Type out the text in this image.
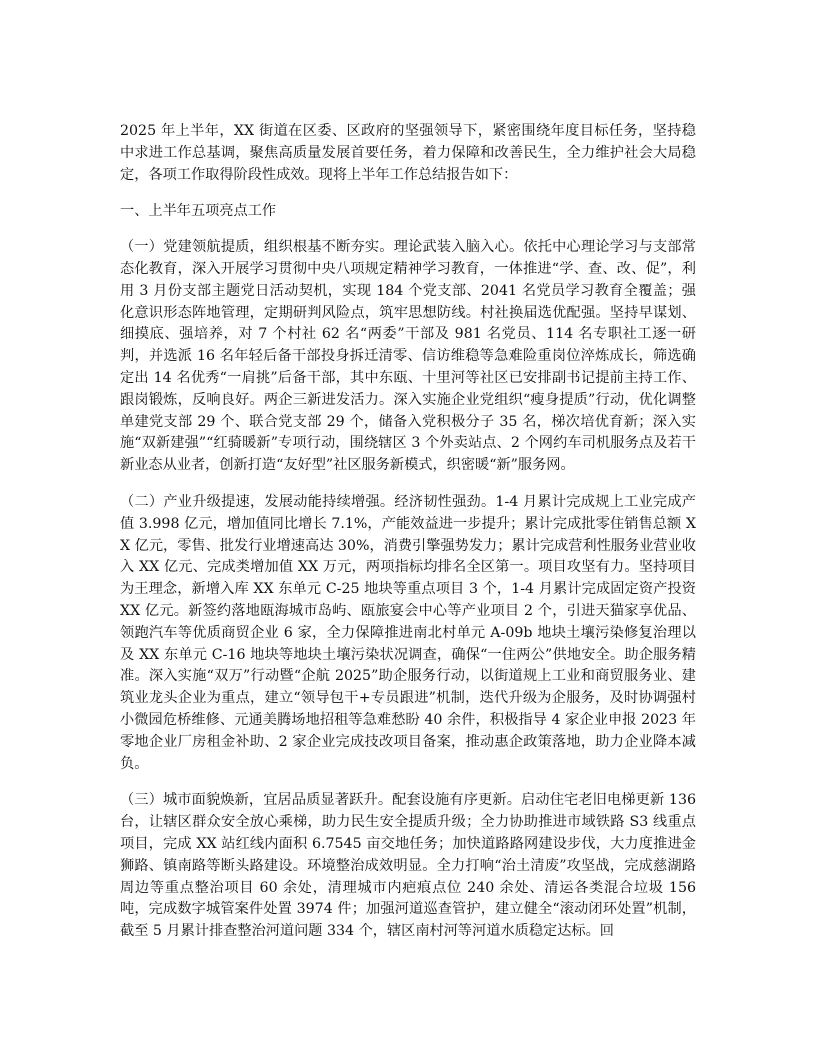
2025 年上半年，XX 街道在区委、区政府的坚强领导下，紧密围绕年度目标任务，坚持稳中求进工作总基调，聚焦高质量发展首要任务，着力保障和改善民生，全力维护社会大局稳定，各项工作取得阶段性成效。现将上半年工作总结报告如下：

一、上半年五项亮点工作

（一）党建领航提质，组织根基不断夯实。理论武装入脑入心。依托中心理论学习与支部常态化教育，深入开展学习贯彻中央八项规定精神学习教育，一体推进“学、查、改、促”，利用 3 月份支部主题党日活动契机，实现 184 个党支部、2041 名党员学习教育全覆盖；强化意识形态阵地管理，定期研判风险点，筑牢思想防线。村社换届选优配强。坚持早谋划、细摸底、强培养，对 7 个村社 62 名“两委”干部及 981 名党员、114 名专职社工逐一研判，并选派 16 名年轻后备干部投身拆迁清零、信访维稳等急难险重岗位淬炼成长，筛选确定出 14 名优秀“一肩挑”后备干部，其中东瓯、十里河等社区已安排副书记提前主持工作、跟岗锻炼，反响良好。两企三新进发活力。深入实施企业党组织“瘦身提质”行动，优化调整单建党支部 29 个、联合党支部 29 个，储备入党积极分子 35 名，梯次培优育新；深入实施“双新建强”“红骑暖新”专项行动，围绕辖区 3 个外卖站点、2 个网约车司机服务点及若干新业态从业者，创新打造“友好型”社区服务新模式，织密暖“新”服务网。

（二）产业升级提速，发展动能持续增强。经济韧性强劲。1-4 月累计完成规上工业完成产值 3.998 亿元，增加值同比增长 7.1%，产能效益进一步提升；累计完成批零住销售总额 XX 亿元，零售、批发行业增速高达 30%，消费引擎强势发力；累计完成营利性服务业营业收入 XX 亿元、完成类增加值 XX 万元，两项指标均排名全区第一。项目攻坚有力。坚持项目为王理念，新增入库 XX 东单元 C-25 地块等重点项目 3 个，1-4 月累计完成固定资产投资 XX 亿元。新签约落地瓯海城市岛屿、瓯旅宴会中心等产业项目 2 个，引进天猫家享优品、领跑汽车等优质商贸企业 6 家，全力保障推进南北村单元 A-09b 地块土壤污染修复治理以及 XX 东单元 C-16 地块等地块土壤污染状况调查，确保“一住两公”供地安全。助企服务精准。深入实施“双万”行动暨“企航 2025”助企服务行动，以街道规上工业和商贸服务业、建筑业龙头企业为重点，建立“领导包干+专员跟进”机制，迭代升级为企服务，及时协调强村小微园危桥维修、元通美腾场地招租等急难愁盼 40 余件，积极指导 4 家企业申报 2023 年零地企业厂房租金补助、2 家企业完成技改项目备案，推动惠企政策落地，助力企业降本减负。

（三）城市面貌焕新，宜居品质显著跃升。配套设施有序更新。启动住宅老旧电梯更新 136 台，让辖区群众安全放心乘梯，助力民生安全提质升级；全力协助推进市域铁路 S3 线重点项目，完成 XX 站红线内面积 6.7545 亩交地任务；加快道路路网建设步伐，大力度推进金狮路、镇南路等断头路建设。环境整治成效明显。全力打响“治土清废”攻坚战，完成慈湖路周边等重点整治项目 60 余处，清理城市内疤痕点位 240 余处、清运各类混合垃圾 156 吨，完成数字城管案件处置 3974 件；加强河道巡查管护，建立健全“滚动闭环处置”机制，截至 5 月累计排查整治河道问题 334 个，辖区南村河等河道水质稳定达标。回
